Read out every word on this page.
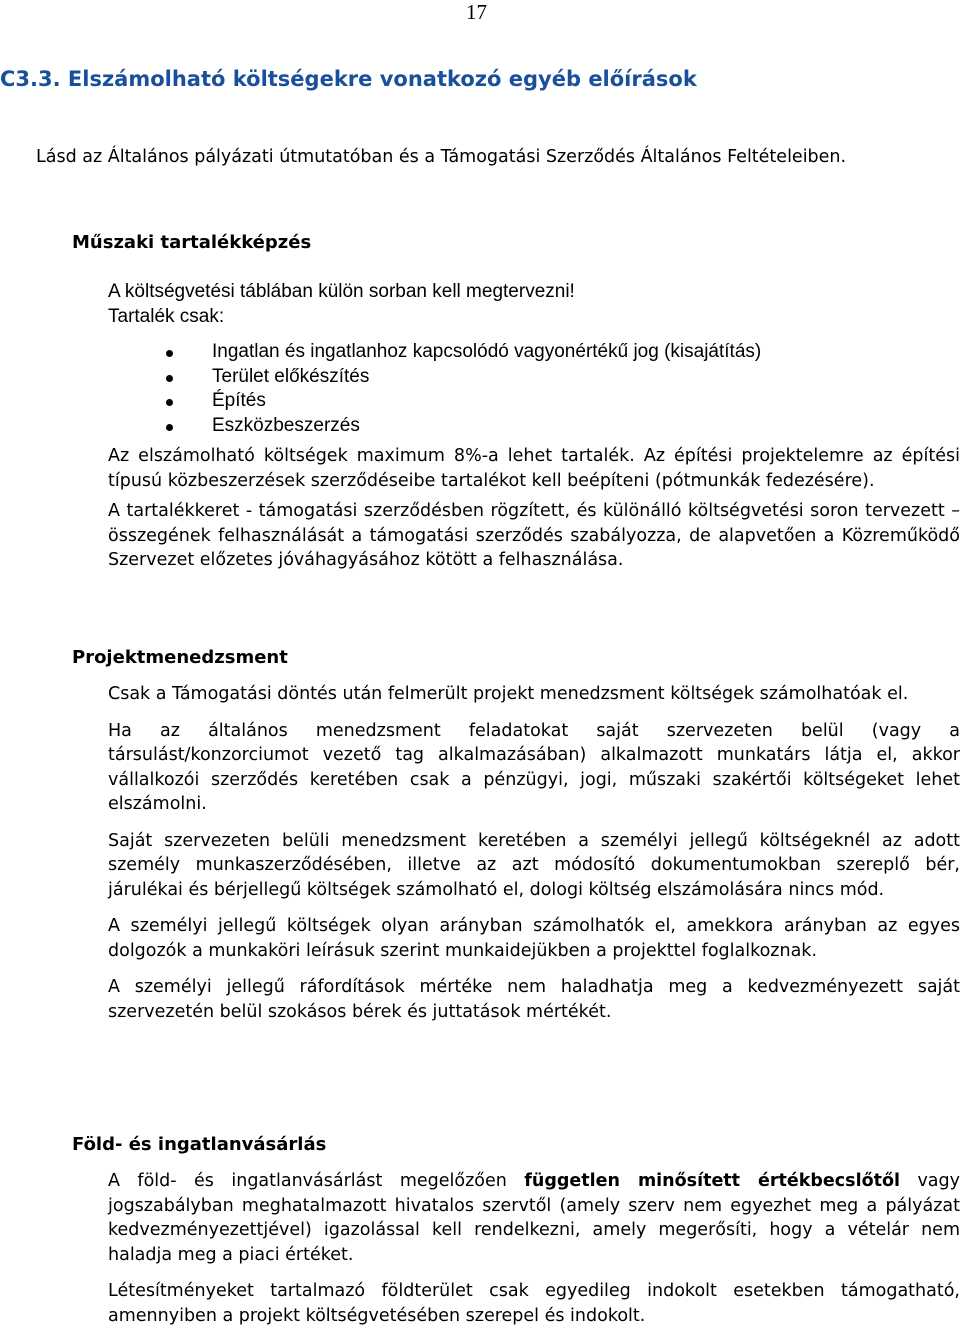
17
C3.3. Elszámolható költségekre vonatkozó egyéb előírások

Lásd az Általános pályázati útmutatóban és a Támogatási Szerződés Általános Feltételeiben.

Műszaki tartalékképzés

A költségvetési táblában külön sorban kell megtervezni!

Tartalék csak:

Ingatlan és ingatlanhoz kapcsolódó vagyonértékű jog (kisajátítás)
Terület előkészítés
Építés
Eszközbeszerzés

Az elszámolható költségek maximum 8%-a lehet tartalék. Az építési projektelemre az építési típusú közbeszerzések szerződéseibe tartalékot kell beépíteni (pótmunkák fedezésére).

A tartalékkeret - támogatási szerződésben rögzített, és különálló költségvetési soron tervezett – összegének felhasználását a támogatási szerződés szabályozza, de alapvetően a Közreműködő Szervezet előzetes jóváhagyásához kötött a felhasználása.

Projektmenedzsment

Csak a Támogatási döntés után felmerült projekt menedzsment költségek számolhatóak el.

Ha az általános menedzsment feladatokat saját szervezeten belül (vagy a társulást/konzorciumot vezető tag alkalmazásában) alkalmazott munkatárs látja el, akkor vállalkozói szerződés keretében csak a pénzügyi, jogi, műszaki szakértői költségeket lehet elszámolni.

Saját szervezeten belüli menedzsment keretében a személyi jellegű költségeknél az adott személy munkaszerződésében, illetve az azt módosító dokumentumokban szereplő bér, járulékai és bérjellegű költségek számolható el, dologi költség elszámolására nincs mód.

A személyi jellegű költségek olyan arányban számolhatók el, amekkora arányban az egyes dolgozók a munkaköri leírásuk szerint munkaidejükben a projekttel foglalkoznak.

A személyi jellegű ráfordítások mértéke nem haladhatja meg a kedvezményezett saját szervezetén belül szokásos bérek és juttatások mértékét.

Föld- és ingatlanvásárlás

A föld- és ingatlanvásárlást megelőzően független minősített értékbecslőtől vagy jogszabályban meghatalmazott hivatalos szervtől (amely szerv nem egyezhet meg a pályázat kedvezményezettjével) igazolással kell rendelkezni, amely megerősíti, hogy a vételár nem haladja meg a piaci értéket.

Létesítményeket tartalmazó földterület csak egyedileg indokolt esetekben támogatható, amennyiben a projekt költségvetésében szerepel és indokolt.
